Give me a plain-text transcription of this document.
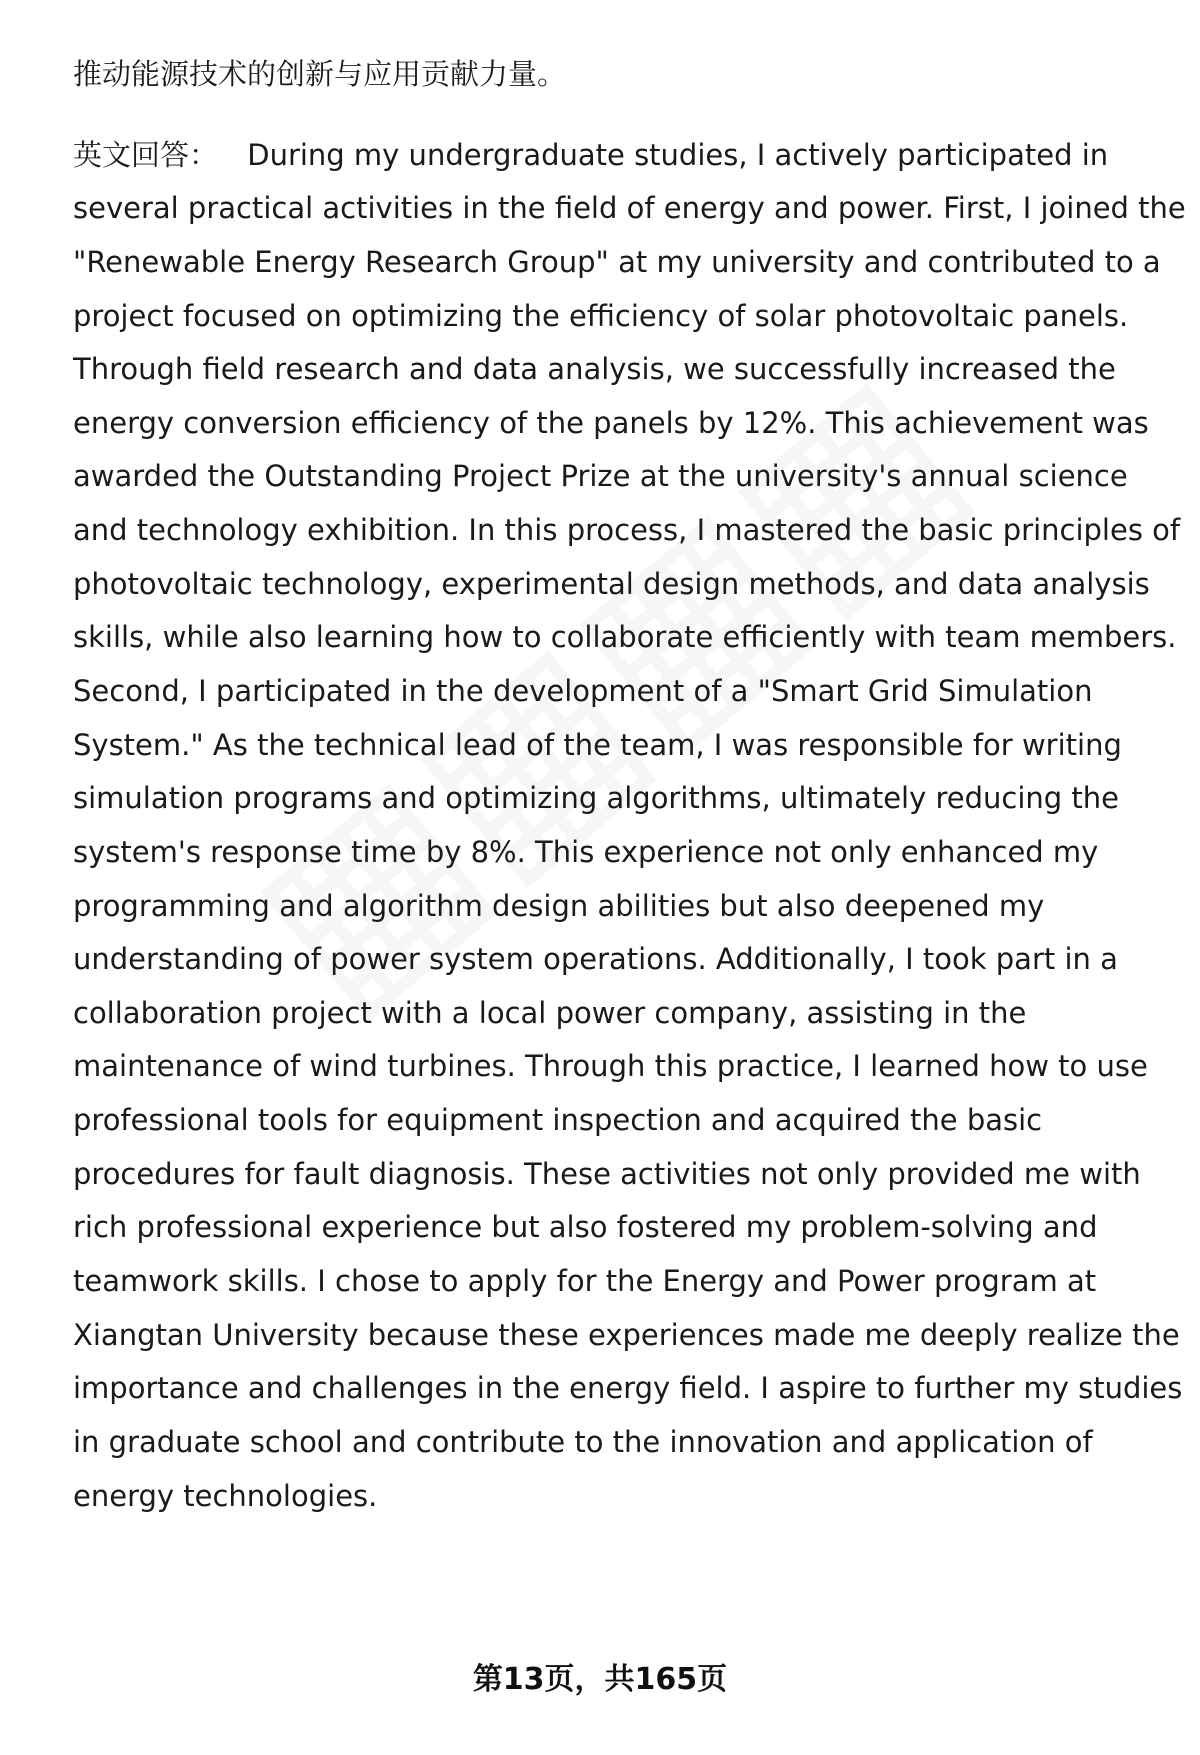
推动能源技术的创新与应用贡献力量。
英文回答： During my undergraduate studies, I actively participated in
several practical activities in the field of energy and power. First, I joined the
"Renewable Energy Research Group" at my university and contributed to a
project focused on optimizing the efficiency of solar photovoltaic panels.
Through field research and data analysis, we successfully increased the
energy conversion efficiency of the panels by 12%. This achievement was
awarded the Outstanding Project Prize at the university's annual science
and technology exhibition. In this process, I mastered the basic principles of
photovoltaic technology, experimental design methods, and data analysis
skills, while also learning how to collaborate efficiently with team members.
Second, I participated in the development of a "Smart Grid Simulation
System." As the technical lead of the team, I was responsible for writing
simulation programs and optimizing algorithms, ultimately reducing the
system's response time by 8%. This experience not only enhanced my
programming and algorithm design abilities but also deepened my
understanding of power system operations. Additionally, I took part in a
collaboration project with a local power company, assisting in the
maintenance of wind turbines. Through this practice, I learned how to use
professional tools for equipment inspection and acquired the basic
procedures for fault diagnosis. These activities not only provided me with
rich professional experience but also fostered my problem-solving and
teamwork skills. I chose to apply for the Energy and Power program at
Xiangtan University because these experiences made me deeply realize the
importance and challenges in the energy field. I aspire to further my studies
in graduate school and contribute to the innovation and application of
energy technologies.
第13页，共165页
